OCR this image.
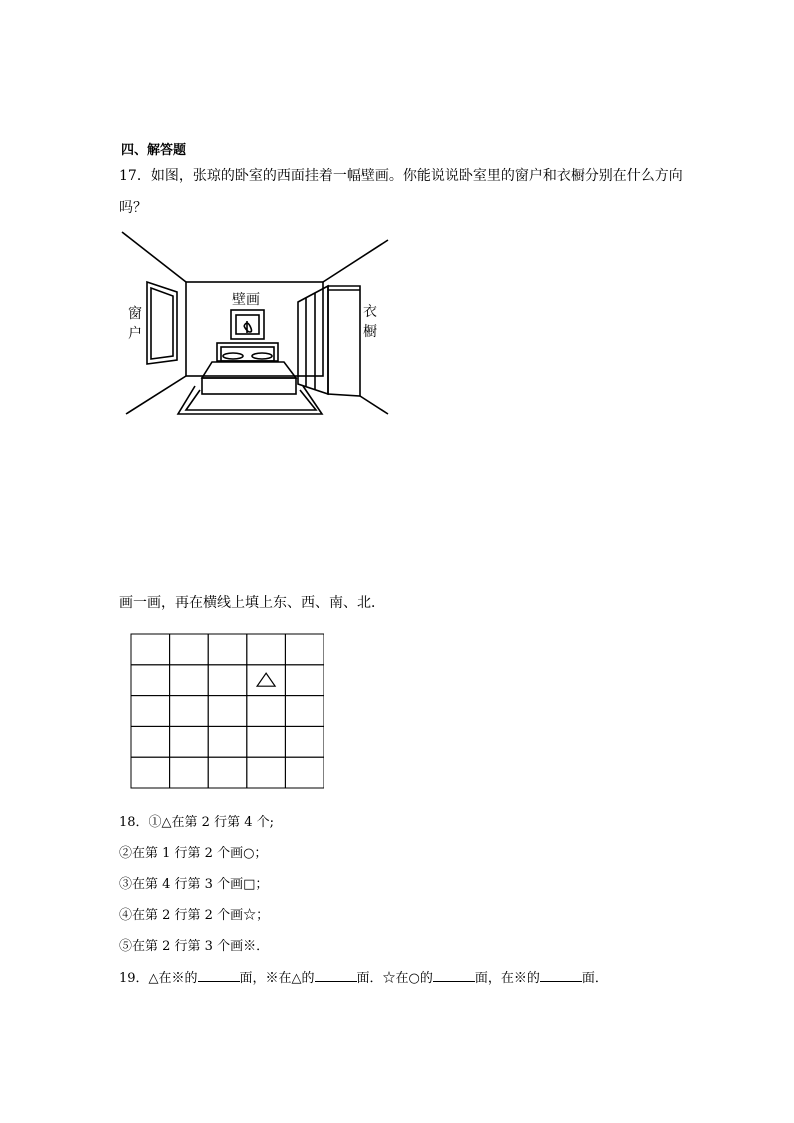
四、解答题
17．如图，张琼的卧室的西面挂着一幅壁画。你能说说卧室里的窗户和衣橱分别在什么方向
吗？
窗
户
壁画
衣
橱
画一画，再在横线上填上东、西、南、北．
18．①△在第 2 行第 4 个;
②在第 1 行第 2 个画○；
③在第 4 行第 3 个画□；
④在第 2 行第 2 个画☆；
⑤在第 2 行第 3 个画※．
19．△在※的	面，※在△的	面．☆在○的	面，在※的	面．
